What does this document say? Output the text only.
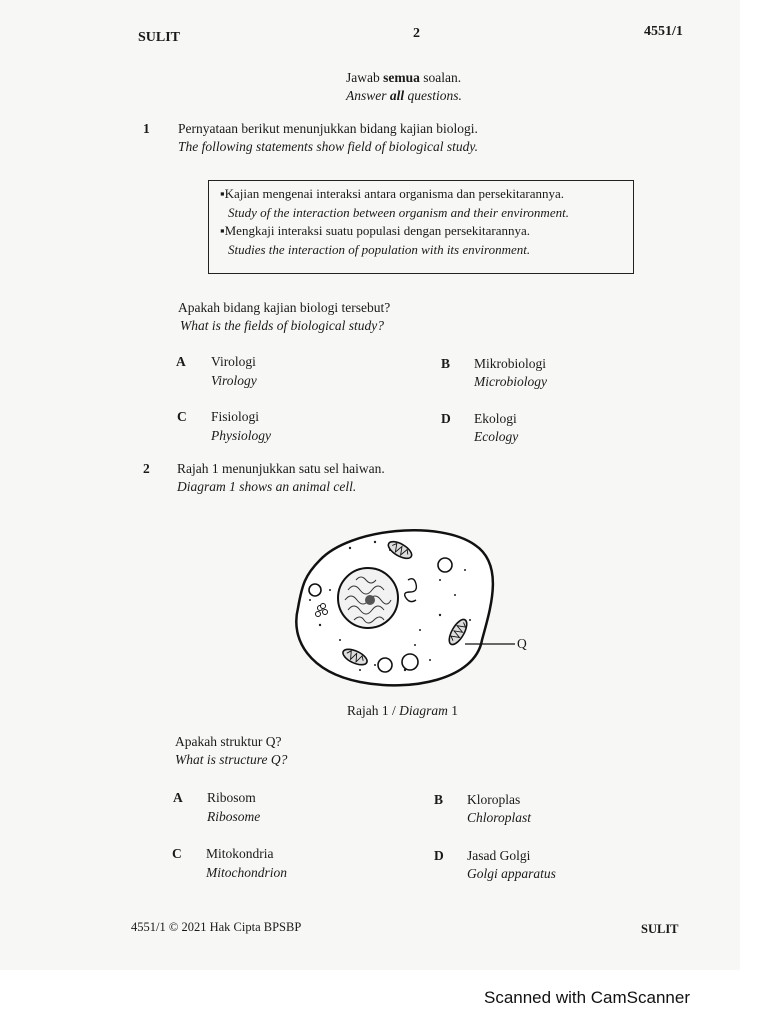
SULIT	2	4551/1
Jawab semua soalan.
Answer all questions.
1 Pernyataan berikut menunjukkan bidang kajian biologi.
The following statements show field of biological study.
▪Kajian mengenai interaksi antara organisma dan persekitarannya.
Study of the interaction between organism and their environment.
▪Mengkaji interaksi suatu populasi dengan persekitarannya.
Studies the interaction of population with its environment.
Apakah bidang kajian biologi tersebut?
What is the fields of biological study?
A Virologi
Virology
B Mikrobiologi
Microbiology
C Fisiologi
Physiology
D Ekologi
Ecology
2 Rajah 1 menunjukkan satu sel haiwan.
Diagram 1 shows an animal cell.
Q
Rajah 1 / Diagram 1
Apakah struktur Q?
What is structure Q?
A Ribosom
Ribosome
B Kloroplas
Chloroplast
C Mitokondria
Mitochondrion
D Jasad Golgi
Golgi apparatus
4551/1 © 2021 Hak Cipta BPSBP	SULIT
Scanned with CamScanner
